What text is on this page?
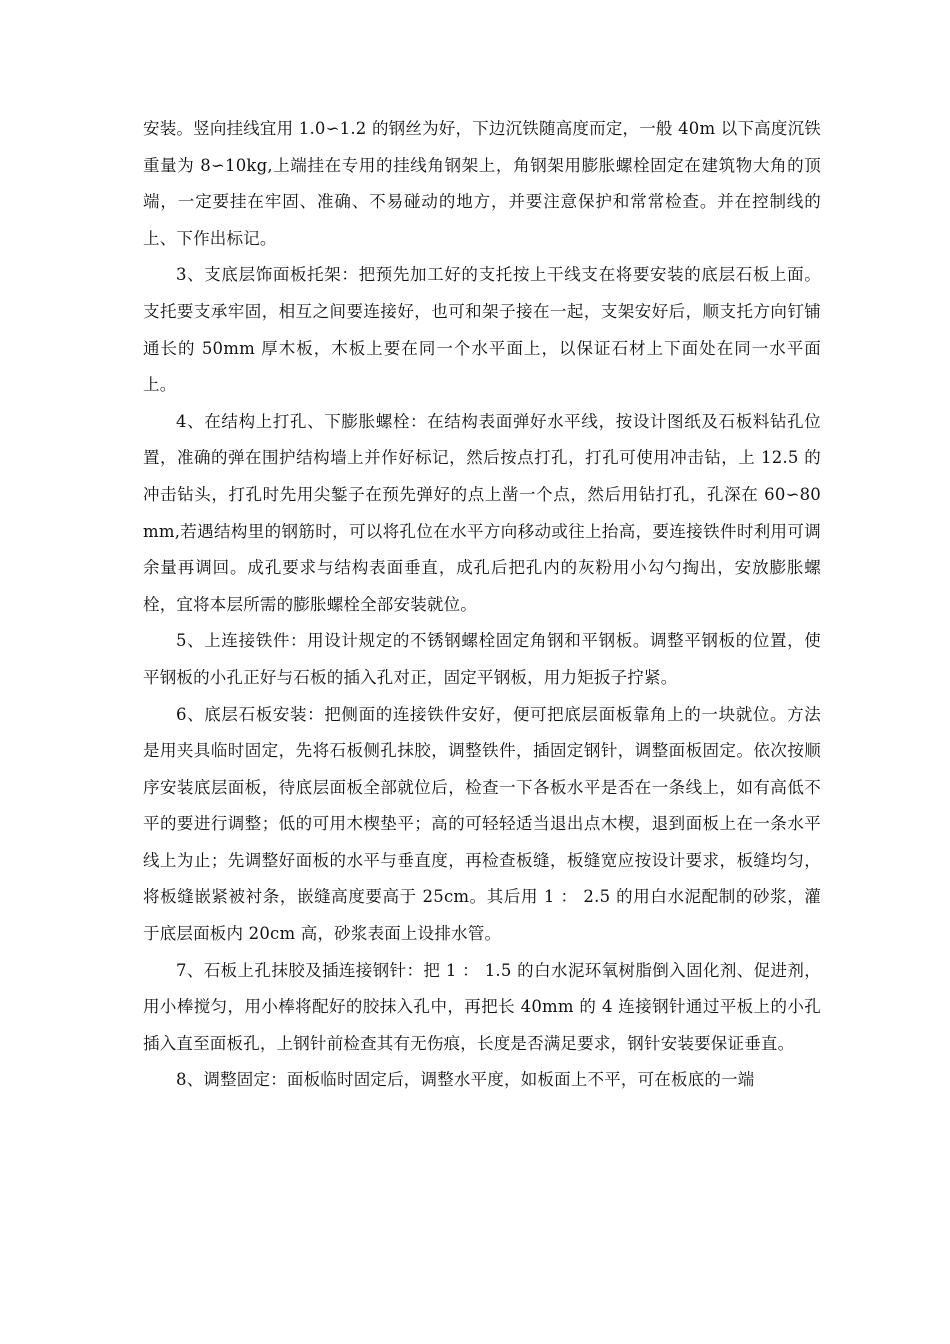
安装。竖向挂线宜用 1.0∽1.2 的钢丝为好，下边沉铁随高度而定，一般 40m 以下高度沉铁重量为 8∽10kg,上端挂在专用的挂线角钢架上，角钢架用膨胀螺栓固定在建筑物大角的顶端，一定要挂在牢固、准确、不易碰动的地方，并要注意保护和常常检查。并在控制线的上、下作出标记。

3、支底层饰面板托架：把预先加工好的支托按上干线支在将要安装的底层石板上面。支托要支承牢固，相互之间要连接好，也可和架子接在一起，支架安好后，顺支托方向钉铺通长的 50mm 厚木板，木板上要在同一个水平面上，以保证石材上下面处在同一水平面上。

4、在结构上打孔、下膨胀螺栓：在结构表面弹好水平线，按设计图纸及石板料钻孔位置，准确的弹在围护结构墙上并作好标记，然后按点打孔，打孔可使用冲击钻，上 12.5 的冲击钻头，打孔时先用尖錾子在预先弹好的点上凿一个点，然后用钻打孔，孔深在 60∽80mm,若遇结构里的钢筋时，可以将孔位在水平方向移动或往上抬高，要连接铁件时利用可调余量再调回。成孔要求与结构表面垂直，成孔后把孔内的灰粉用小勾勺掏出，安放膨胀螺栓，宜将本层所需的膨胀螺栓全部安装就位。

5、上连接铁件：用设计规定的不锈钢螺栓固定角钢和平钢板。调整平钢板的位置，使平钢板的小孔正好与石板的插入孔对正，固定平钢板，用力矩扳子拧紧。

6、底层石板安装：把侧面的连接铁件安好，便可把底层面板靠角上的一块就位。方法是用夹具临时固定，先将石板侧孔抹胶，调整铁件，插固定钢针，调整面板固定。依次按顺序安装底层面板，待底层面板全部就位后，检查一下各板水平是否在一条线上，如有高低不平的要进行调整；低的可用木楔垫平；高的可轻轻适当退出点木楔，退到面板上在一条水平线上为止；先调整好面板的水平与垂直度，再检查板缝，板缝宽应按设计要求，板缝均匀，将板缝嵌紧被衬条，嵌缝高度要高于 25cm。其后用 1 ： 2.5 的用白水泥配制的砂浆，灌于底层面板内 20cm 高，砂浆表面上设排水管。

7、石板上孔抹胶及插连接钢针：把 1 ： 1.5 的白水泥环氧树脂倒入固化剂、促进剂，用小棒搅匀，用小棒将配好的胶抹入孔中，再把长 40mm 的 4 连接钢针通过平板上的小孔插入直至面板孔，上钢针前检查其有无伤痕，长度是否满足要求，钢针安装要保证垂直。

8、调整固定：面板临时固定后，调整水平度，如板面上不平，可在板底的一端
